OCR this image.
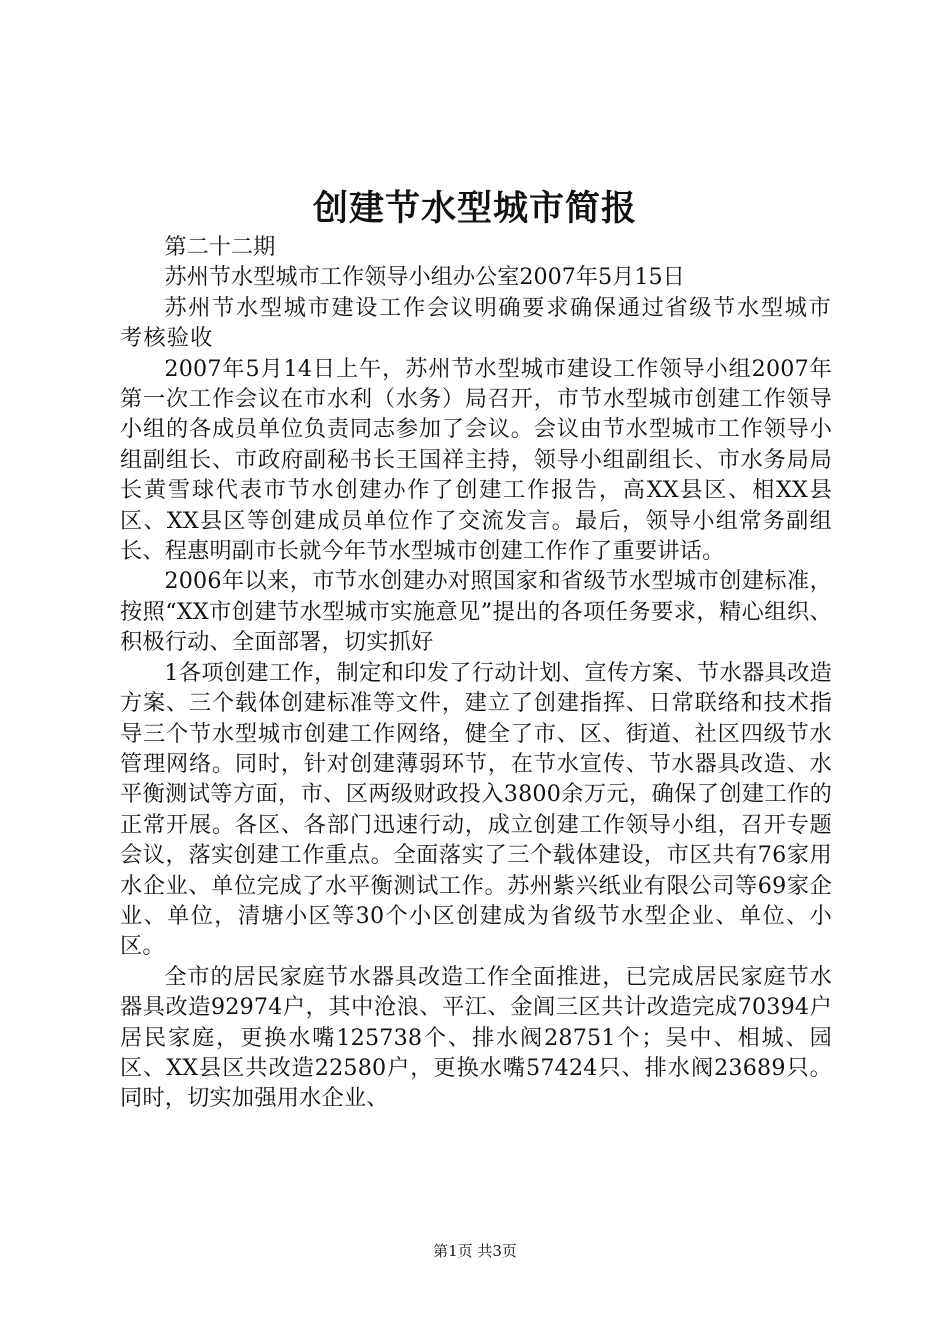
创建节水型城市简报

第二十二期

苏州节水型城市工作领导小组办公室2007年5月15日

苏州节水型城市建设工作会议明确要求确保通过省级节水型城市考核验收

2007年5月14日上午，苏州节水型城市建设工作领导小组2007年第一次工作会议在市水利（水务）局召开，市节水型城市创建工作领导小组的各成员单位负责同志参加了会议。会议由节水型城市工作领导小组副组长、市政府副秘书长王国祥主持，领导小组副组长、市水务局局长黄雪球代表市节水创建办作了创建工作报告，高XX县区、相XX县区、XX县区等创建成员单位作了交流发言。最后，领导小组常务副组长、程惠明副市长就今年节水型城市创建工作作了重要讲话。

2006年以来，市节水创建办对照国家和省级节水型城市创建标准，按照“XX市创建节水型城市实施意见”提出的各项任务要求，精心组织、积极行动、全面部署，切实抓好

1各项创建工作，制定和印发了行动计划、宣传方案、节水器具改造方案、三个载体创建标准等文件，建立了创建指挥、日常联络和技术指导三个节水型城市创建工作网络，健全了市、区、街道、社区四级节水管理网络。同时，针对创建薄弱环节，在节水宣传、节水器具改造、水平衡测试等方面，市、区两级财政投入3800余万元，确保了创建工作的正常开展。各区、各部门迅速行动，成立创建工作领导小组，召开专题会议，落实创建工作重点。全面落实了三个载体建设，市区共有76家用水企业、单位完成了水平衡测试工作。苏州紫兴纸业有限公司等69家企业、单位，清塘小区等30个小区创建成为省级节水型企业、单位、小区。

全市的居民家庭节水器具改造工作全面推进，已完成居民家庭节水器具改造92974户，其中沧浪、平江、金阊三区共计改造完成70394户居民家庭，更换水嘴125738个、排水阀28751个；吴中、相城、园区、XX县区共改造22580户，更换水嘴57424只、排水阀23689只。同时，切实加强用水企业、

第1页 共3页
